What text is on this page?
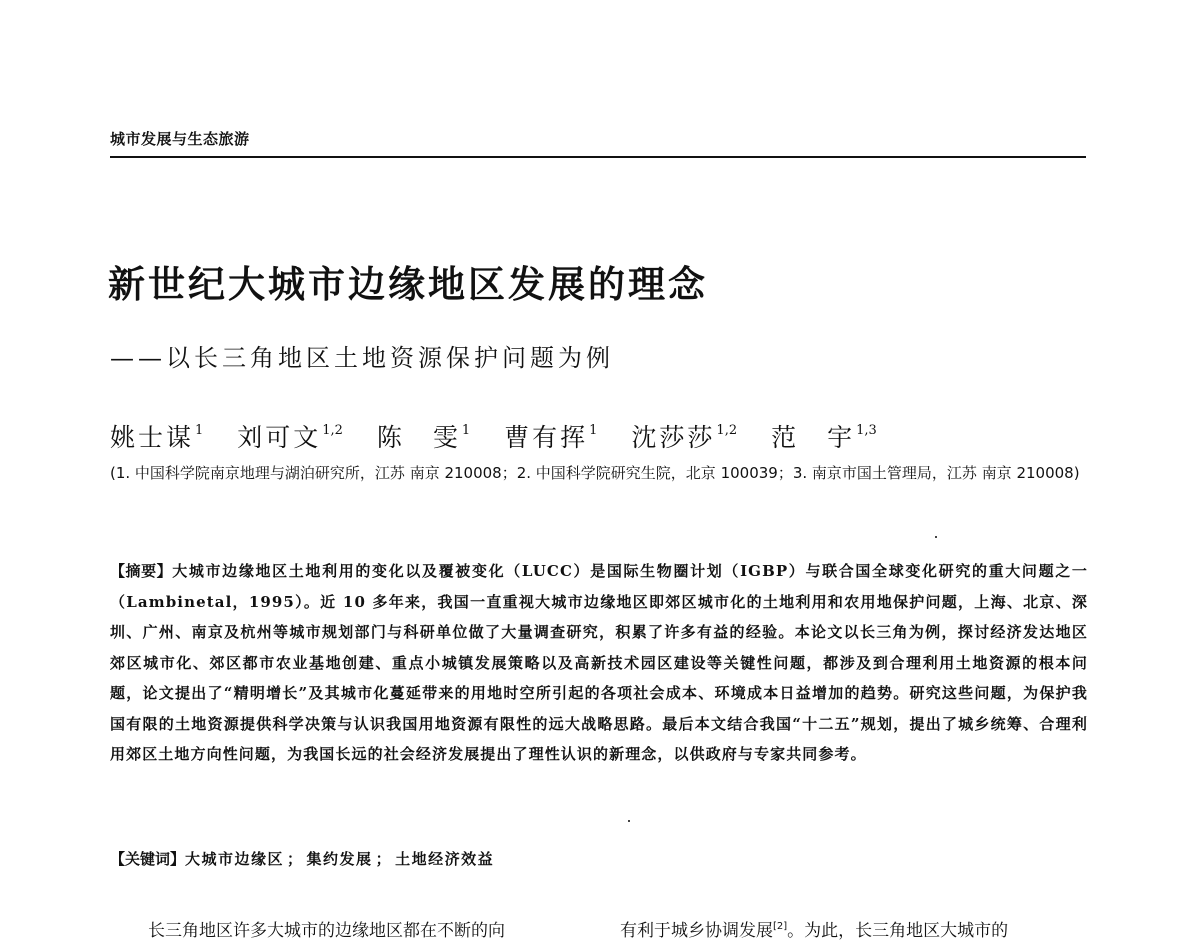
城市发展与生态旅游
新世纪大城市边缘地区发展的理念
——以长三角地区土地资源保护问题为例
姚士谋$^1$ 刘可文$^{1,2}$ 陈　雯$^1$ 曹有挥$^1$ 沈莎莎$^{1,2}$ 范　宇$^{1,3}$
(1. 中国科学院南京地理与湖泊研究所，江苏 南京 210008；2. 中国科学院研究生院，北京 100039；3. 南京市国土管理局，江苏 南京 210008)
【摘要】大城市边缘地区土地利用的变化以及覆被变化（LUCC）是国际生物圈计划（IGBP）与联合国全球变化研究的重大问题之一（Lambinetal，1995）。近 10 多年来，我国一直重视大城市边缘地区即郊区城市化的土地利用和农用地保护问题，上海、北京、深圳、广州、南京及杭州等城市规划部门与科研单位做了大量调查研究，积累了许多有益的经验。本论文以长三角为例，探讨经济发达地区郊区城市化、郊区都市农业基地创建、重点小城镇发展策略以及高新技术园区建设等关键性问题，都涉及到合理利用土地资源的根本问题，论文提出了“精明增长”及其城市化蔓延带来的用地时空所引起的各项社会成本、环境成本日益增加的趋势。研究这些问题，为保护我国有限的土地资源提供科学决策与认识我国用地资源有限性的远大战略思路。最后本文结合我国“十二五”规划，提出了城乡统筹、合理利用郊区土地方向性问题，为我国长远的社会经济发展提出了理性认识的新理念，以供政府与专家共同参考。
【关键词】大城市边缘区 ； 集约发展 ； 土地经济效益
长三角地区许多大城市的边缘地区都在不断的向	有利于城乡协调发展[2]。为此，长三角地区大城市的
